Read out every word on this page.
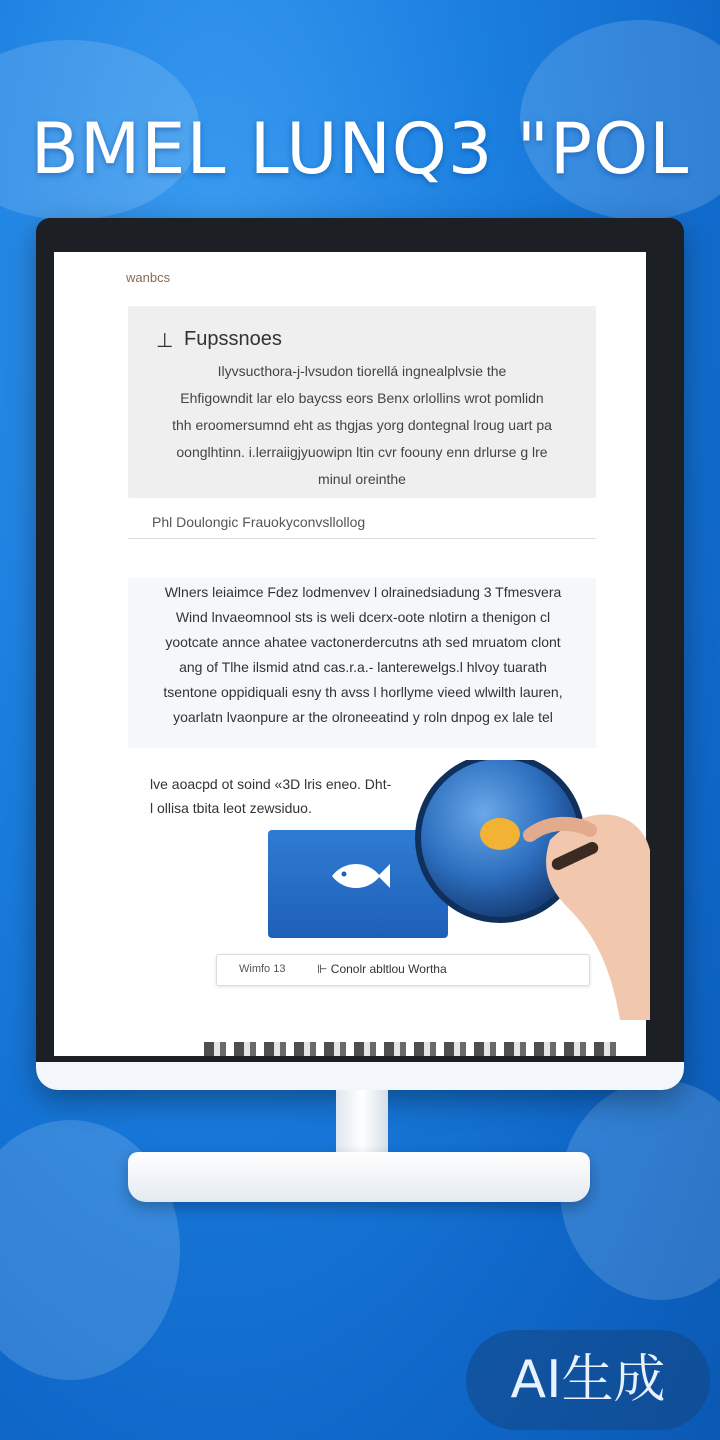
BMEL LUNQ3 "POL
wanbcs
⊥ Fupssnoes
Ilyvsucthora-j-lvsudon tiorellá ingnealplvsie the
Ehfigowndit lar elo baycss eors Benx orlollins wrot pomlidn
thh eroomersumnd eht as thgjas yorg dontegnal lroug uart pa
oonglhtinn. i.lerraiigjyuowipn ltin cvr foouny enn drlurse g lre
minul oreinthe
Phl Doulongic Frauokyconvsllollog
Wlners leiaimce Fdez lodmenvev l olrainedsiadung 3 Tfmesvera
Wind lnvaeomnool sts is weli dcerx-oote nlotirn a thenigon cl
yootcate annce ahatee vactonerdercutns ath sed mruatom clont
ang of Tlhe ilsmid atnd cas.r.a.- lanterewelgs.l hlvoy tuarath
tsentone oppidiquali esny th avss l horllyme vieed wlwilth lauren,
yoarlatn lvaonpure ar the olroneeatind y roln dnpog ex lale tel
lve aoacpd ot soind «3D lris eneo. Dht-
l ollisa tbita leot zewsiduo.
Wimfo 13	⊩ Conolr abltlou Wortha
AI生成
